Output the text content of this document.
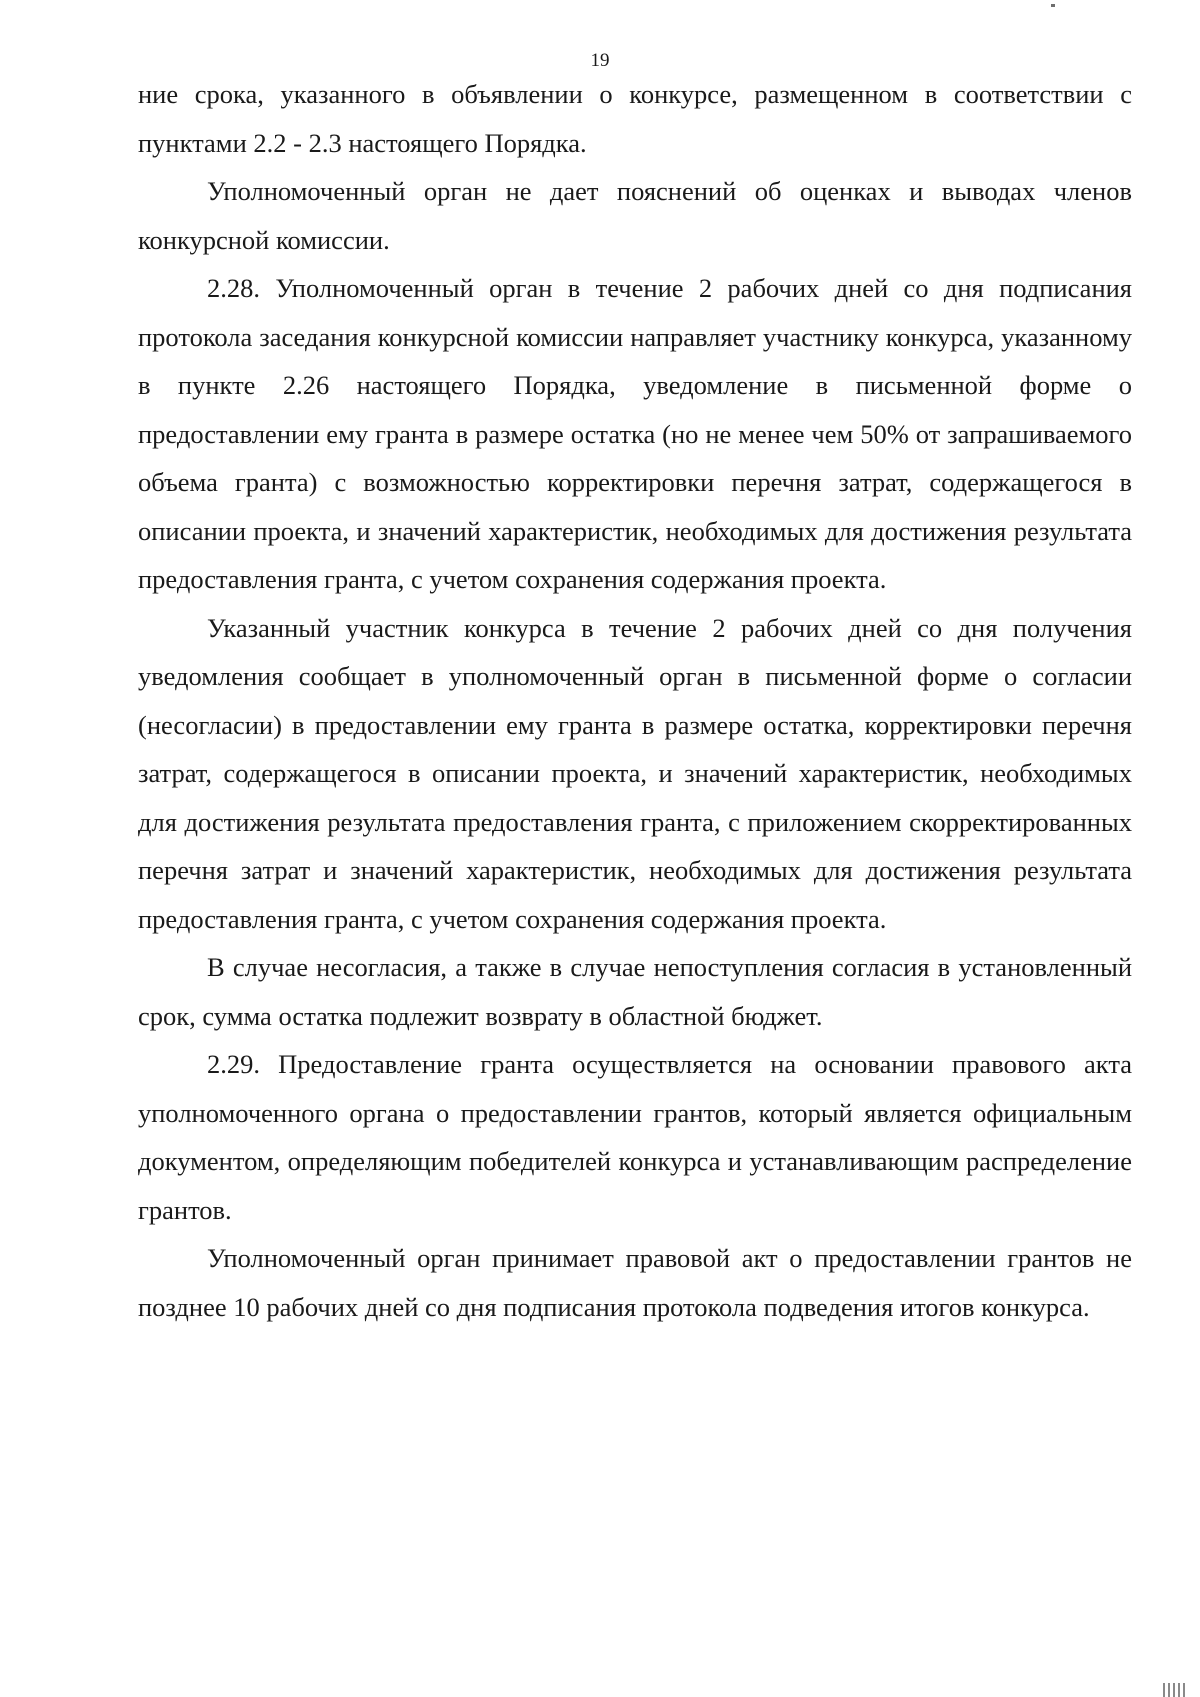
19

ние срока, указанного в объявлении о конкурсе, размещенном в соответствии с пунктами 2.2 - 2.3 настоящего Порядка.

Уполномоченный орган не дает пояснений об оценках и выводах членов конкурсной комиссии.

2.28. Уполномоченный орган в течение 2 рабочих дней со дня подписания протокола заседания конкурсной комиссии направляет участнику конкурса, указанному в пункте 2.26 настоящего Порядка, уведомление в письменной форме о предоставлении ему гранта в размере остатка (но не менее чем 50% от запрашиваемого объема гранта) с возможностью корректировки перечня затрат, содержащегося в описании проекта, и значений характеристик, необходимых для достижения результата предоставления гранта, с учетом сохранения содержания проекта.

Указанный участник конкурса в течение 2 рабочих дней со дня получения уведомления сообщает в уполномоченный орган в письменной форме о согласии (несогласии) в предоставлении ему гранта в размере остатка, корректировки перечня затрат, содержащегося в описании проекта, и значений характеристик, необходимых для достижения результата предоставления гранта, с приложением скорректированных перечня затрат и значений характеристик, необходимых для достижения результата предоставления гранта, с учетом сохранения содержания проекта.

В случае несогласия, а также в случае непоступления согласия в установленный срок, сумма остатка подлежит возврату в областной бюджет.

2.29. Предоставление гранта осуществляется на основании правового акта уполномоченного органа о предоставлении грантов, который является официальным документом, определяющим победителей конкурса и устанавливающим распределение грантов.

Уполномоченный орган принимает правовой акт о предоставлении грантов не позднее 10 рабочих дней со дня подписания протокола подведения итогов конкурса.
